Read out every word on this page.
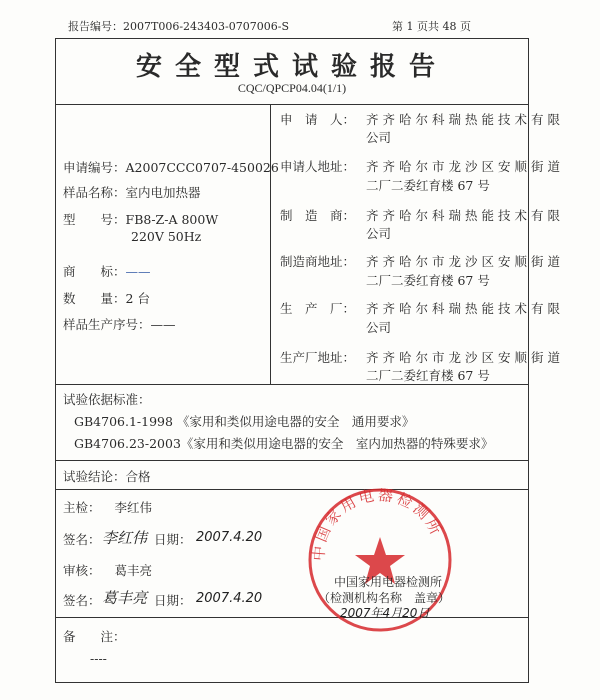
报告编号：2007T006-243403-0707006-S	第 1 页共 48 页
安全型式试验报告
CQC/QPCP04.04(1/1)
申请编号：A2007CCC0707-450026
样品名称：室内电加热器
型　　号：FB8-Z-A 800W
220V 50Hz
商　　标：——
数　　量：2 台
样品生产序号：——
申　请　人： 齐齐哈尔科瑞热能技术有限
公司
申请人地址： 齐齐哈尔市龙沙区安顺街道
二厂二委红育楼 67 号
制　造　商： 齐齐哈尔科瑞热能技术有限
公司
制造商地址： 齐齐哈尔市龙沙区安顺街道
二厂二委红育楼 67 号
生　产　厂： 齐齐哈尔科瑞热能技术有限
公司
生产厂地址： 齐齐哈尔市龙沙区安顺街道
二厂二委红育楼 67 号
试验依据标准：
GB4706.1-1998 《家用和类似用途电器的安全　通用要求》
GB4706.23-2003《家用和类似用途电器的安全　室内加热器的特殊要求》
试验结论：合格
主检： 李红伟
签名： 李红伟 日期： 2007.4.20
审核： 葛丰亮
签名： 葛丰亮 日期： 2007.4.20
中国家用电器检测所
中国家用电器检测所
（检测机构名称　盖章）
2007年4月20日
备　　注：
----
